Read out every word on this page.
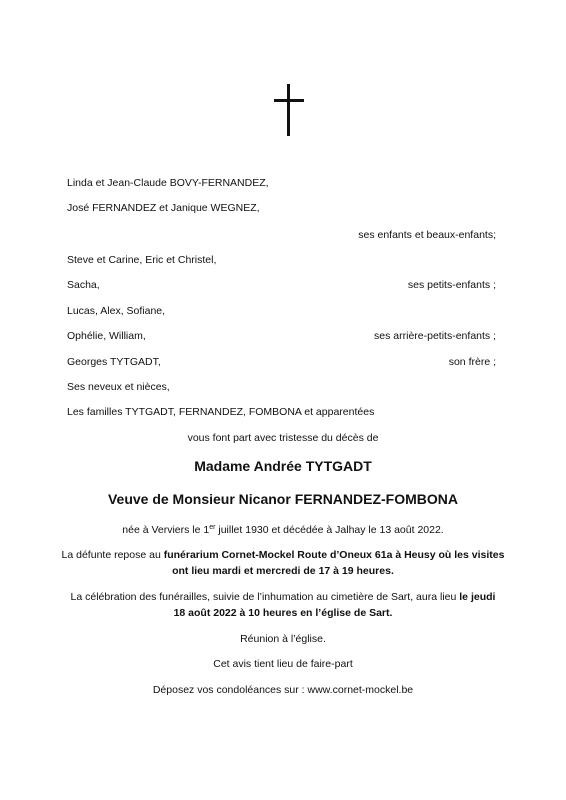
Linda et Jean-Claude BOVY-FERNANDEZ,
José FERNANDEZ et Janique WEGNEZ,
ses enfants et beaux-enfants;
Steve et Carine, Eric et Christel,
Sacha,	ses petits-enfants ;
Lucas, Alex, Sofiane,
Ophélie, William,	ses arrière-petits-enfants ;
Georges TYTGADT,	son frère ;
Ses neveux et nièces,
Les familles TYTGADT, FERNANDEZ, FOMBONA et apparentées
vous font part avec tristesse du décès de
Madame Andrée TYTGADT
Veuve de Monsieur Nicanor FERNANDEZ-FOMBONA
née à Verviers le 1er juillet 1930 et décédée à Jalhay le 13 août 2022.
La défunte repose au funérarium Cornet-Mockel Route d’Oneux 61a à Heusy où les visites
ont lieu mardi et mercredi de 17 à 19 heures.
La célébration des funérailles, suivie de l’inhumation au cimetière de Sart, aura lieu le jeudi
18 août 2022 à 10 heures en l’église de Sart.
Réunion à l’église.
Cet avis tient lieu de faire-part
Déposez vos condoléances sur : www.cornet-mockel.be
